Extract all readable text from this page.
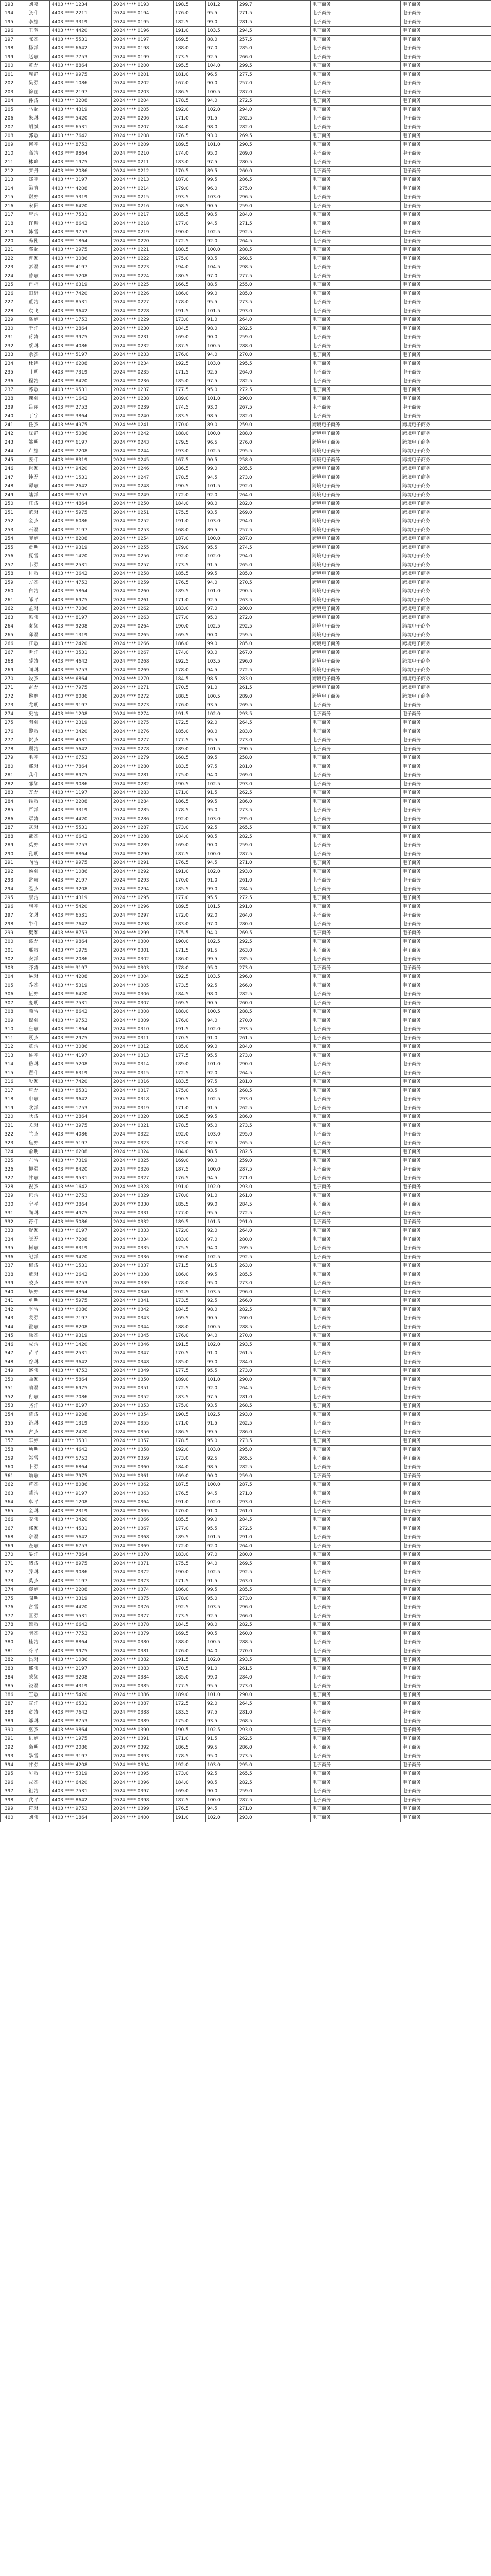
193	刘嘉	4403 **** 1234	2024 **** 0193	198.5	101.2	299.7		电子商务	电子商务
194	张伟	4403 **** 2211	2024 **** 0194	176.0	95.5	271.5		电子商务	电子商务
195	李娜	4403 **** 3319	2024 **** 0195	182.5	99.0	281.5		电子商务	电子商务
196	王芳	4403 **** 4420	2024 **** 0196	191.0	103.5	294.5		电子商务	电子商务
197	陈杰	4403 **** 5531	2024 **** 0197	169.5	88.0	257.5		电子商务	电子商务
198	杨洋	4403 **** 6642	2024 **** 0198	188.0	97.0	285.0		电子商务	电子商务
199	赵敏	4403 **** 7753	2024 **** 0199	173.5	92.5	266.0		电子商务	电子商务
200	黄磊	4403 **** 8864	2024 **** 0200	195.5	104.0	299.5		电子商务	电子商务
201	周静	4403 **** 9975	2024 **** 0201	181.0	96.5	277.5		电子商务	电子商务
202	吴强	4403 **** 1086	2024 **** 0202	167.0	90.0	257.0		电子商务	电子商务
203	徐丽	4403 **** 2197	2024 **** 0203	186.5	100.5	287.0		电子商务	电子商务
204	孙涛	4403 **** 3208	2024 **** 0204	178.5	94.0	272.5		电子商务	电子商务
205	马超	4403 **** 4319	2024 **** 0205	192.0	102.0	294.0		电子商务	电子商务
206	朱琳	4403 **** 5420	2024 **** 0206	171.0	91.5	262.5		电子商务	电子商务
207	胡斌	4403 **** 6531	2024 **** 0207	184.0	98.0	282.0		电子商务	电子商务
208	郭敏	4403 **** 7642	2024 **** 0208	176.5	93.0	269.5		电子商务	电子商务
209	何平	4403 **** 8753	2024 **** 0209	189.5	101.0	290.5		电子商务	电子商务
210	高洁	4403 **** 9864	2024 **** 0210	174.0	95.0	269.0		电子商务	电子商务
211	林峰	4403 **** 1975	2024 **** 0211	183.0	97.5	280.5		电子商务	电子商务
212	罗丹	4403 **** 2086	2024 **** 0212	170.5	89.5	260.0		电子商务	电子商务
213	郑宇	4403 **** 3197	2024 **** 0213	187.0	99.5	286.5		电子商务	电子商务
214	梁爽	4403 **** 4208	2024 **** 0214	179.0	96.0	275.0		电子商务	电子商务
215	谢婷	4403 **** 5319	2024 **** 0215	193.5	103.0	296.5		电子商务	电子商务
216	宋阳	4403 **** 6420	2024 **** 0216	168.5	90.5	259.0		电子商务	电子商务
217	唐浩	4403 **** 7531	2024 **** 0217	185.5	98.5	284.0		电子商务	电子商务
218	许晴	4403 **** 8642	2024 **** 0218	177.0	94.5	271.5		电子商务	电子商务
219	韩雪	4403 **** 9753	2024 **** 0219	190.0	102.5	292.5		电子商务	电子商务
220	冯刚	4403 **** 1864	2024 **** 0220	172.5	92.0	264.5		电子商务	电子商务
221	邓超	4403 **** 2975	2024 **** 0221	188.5	100.0	288.5		电子商务	电子商务
222	曹颖	4403 **** 3086	2024 **** 0222	175.0	93.5	268.5		电子商务	电子商务
223	彭磊	4403 **** 4197	2024 **** 0223	194.0	104.5	298.5		电子商务	电子商务
224	曾敏	4403 **** 5208	2024 **** 0224	180.5	97.0	277.5		电子商务	电子商务
225	肖楠	4403 **** 6319	2024 **** 0225	166.5	88.5	255.0		电子商务	电子商务
226	田野	4403 **** 7420	2024 **** 0226	186.0	99.0	285.0		电子商务	电子商务
227	董洁	4403 **** 8531	2024 **** 0227	178.0	95.5	273.5		电子商务	电子商务
228	袁飞	4403 **** 9642	2024 **** 0228	191.5	101.5	293.0		电子商务	电子商务
229	潘婷	4403 **** 1753	2024 **** 0229	173.0	91.0	264.0		电子商务	电子商务
230	于洋	4403 **** 2864	2024 **** 0230	184.5	98.0	282.5		电子商务	电子商务
231	蒋涛	4403 **** 3975	2024 **** 0231	169.0	90.0	259.0		电子商务	电子商务
232	蔡琳	4403 **** 4086	2024 **** 0232	187.5	100.5	288.0		电子商务	电子商务
233	余杰	4403 **** 5197	2024 **** 0233	176.0	94.0	270.0		电子商务	电子商务
234	杜鹃	4403 **** 6208	2024 **** 0234	192.5	103.0	295.5		电子商务	电子商务
235	叶明	4403 **** 7319	2024 **** 0235	171.5	92.5	264.0		电子商务	电子商务
236	程浩	4403 **** 8420	2024 **** 0236	185.0	97.5	282.5		电子商务	电子商务
237	苏敏	4403 **** 9531	2024 **** 0237	177.5	95.0	272.5		电子商务	电子商务
238	魏强	4403 **** 1642	2024 **** 0238	189.0	101.0	290.0		电子商务	电子商务
239	吕丽	4403 **** 2753	2024 **** 0239	174.5	93.0	267.5		电子商务	电子商务
240	丁宁	4403 **** 3864	2024 **** 0240	183.5	98.5	282.0		电子商务	电子商务
241	任杰	4403 **** 4975	2024 **** 0241	170.0	89.0	259.0		跨境电子商务	跨境电子商务
242	沈静	4403 **** 5086	2024 **** 0242	188.0	100.0	288.0		跨境电子商务	跨境电子商务
243	姚明	4403 **** 6197	2024 **** 0243	179.5	96.5	276.0		跨境电子商务	跨境电子商务
244	卢娜	4403 **** 7208	2024 **** 0244	193.0	102.5	295.5		跨境电子商务	跨境电子商务
245	姜伟	4403 **** 8319	2024 **** 0245	167.5	90.5	258.0		跨境电子商务	跨境电子商务
246	崔颖	4403 **** 9420	2024 **** 0246	186.5	99.0	285.5		跨境电子商务	跨境电子商务
247	钟磊	4403 **** 1531	2024 **** 0247	178.5	94.5	273.0		跨境电子商务	跨境电子商务
248	谭敏	4403 **** 2642	2024 **** 0248	190.5	101.5	292.0		跨境电子商务	跨境电子商务
249	陆洋	4403 **** 3753	2024 **** 0249	172.0	92.0	264.0		跨境电子商务	跨境电子商务
250	汪涛	4403 **** 4864	2024 **** 0250	184.0	98.0	282.0		跨境电子商务	跨境电子商务
251	范琳	4403 **** 5975	2024 **** 0251	175.5	93.5	269.0		跨境电子商务	跨境电子商务
252	金杰	4403 **** 6086	2024 **** 0252	191.0	103.0	294.0		跨境电子商务	跨境电子商务
253	石磊	4403 **** 7197	2024 **** 0253	168.0	89.5	257.5		跨境电子商务	跨境电子商务
254	廖婷	4403 **** 8208	2024 **** 0254	187.0	100.0	287.0		跨境电子商务	跨境电子商务
255	贾明	4403 **** 9319	2024 **** 0255	179.0	95.5	274.5		跨境电子商务	跨境电子商务
256	夏雪	4403 **** 1420	2024 **** 0256	192.0	102.0	294.0		跨境电子商务	跨境电子商务
257	韦强	4403 **** 2531	2024 **** 0257	173.5	91.5	265.0		跨境电子商务	跨境电子商务
258	付敏	4403 **** 3642	2024 **** 0258	185.5	99.5	285.0		跨境电子商务	跨境电子商务
259	方杰	4403 **** 4753	2024 **** 0259	176.5	94.0	270.5		跨境电子商务	跨境电子商务
260	白洁	4403 **** 5864	2024 **** 0260	189.5	101.0	290.5		跨境电子商务	跨境电子商务
261	邹平	4403 **** 6975	2024 **** 0261	171.0	92.5	263.5		跨境电子商务	跨境电子商务
262	孟琳	4403 **** 7086	2024 **** 0262	183.0	97.0	280.0		跨境电子商务	跨境电子商务
263	熊伟	4403 **** 8197	2024 **** 0263	177.0	95.0	272.0		跨境电子商务	跨境电子商务
264	秦颖	4403 **** 9208	2024 **** 0264	190.0	102.5	292.5		跨境电子商务	跨境电子商务
265	邱磊	4403 **** 1319	2024 **** 0265	169.5	90.0	259.5		跨境电子商务	跨境电子商务
266	江敏	4403 **** 2420	2024 **** 0266	186.0	99.0	285.0		跨境电子商务	跨境电子商务
267	尹洋	4403 **** 3531	2024 **** 0267	174.0	93.0	267.0		跨境电子商务	跨境电子商务
268	薛涛	4403 **** 4642	2024 **** 0268	192.5	103.5	296.0		跨境电子商务	跨境电子商务
269	闫琳	4403 **** 5753	2024 **** 0269	178.0	94.5	272.5		跨境电子商务	跨境电子商务
270	段杰	4403 **** 6864	2024 **** 0270	184.5	98.5	283.0		跨境电子商务	跨境电子商务
271	雷磊	4403 **** 7975	2024 **** 0271	170.5	91.0	261.5		跨境电子商务	跨境电子商务
272	侯婷	4403 **** 8086	2024 **** 0272	188.5	100.5	289.0		跨境电子商务	跨境电子商务
273	龙明	4403 **** 9197	2024 **** 0273	176.0	93.5	269.5		电子商务	电子商务
274	史雪	4403 **** 1208	2024 **** 0274	191.5	102.0	293.5		电子商务	电子商务
275	陶强	4403 **** 2319	2024 **** 0275	172.5	92.0	264.5		电子商务	电子商务
276	黎敏	4403 **** 3420	2024 **** 0276	185.0	98.0	283.0		电子商务	电子商务
277	贺杰	4403 **** 4531	2024 **** 0277	177.5	95.5	273.0		电子商务	电子商务
278	顾洁	4403 **** 5642	2024 **** 0278	189.0	101.5	290.5		电子商务	电子商务
279	毛平	4403 **** 6753	2024 **** 0279	168.5	89.5	258.0		电子商务	电子商务
280	郝琳	4403 **** 7864	2024 **** 0280	183.5	97.5	281.0		电子商务	电子商务
281	龚伟	4403 **** 8975	2024 **** 0281	175.0	94.0	269.0		电子商务	电子商务
282	邵颖	4403 **** 9086	2024 **** 0282	190.5	102.5	293.0		电子商务	电子商务
283	万磊	4403 **** 1197	2024 **** 0283	171.0	91.5	262.5		电子商务	电子商务
284	钱敏	4403 **** 2208	2024 **** 0284	186.5	99.5	286.0		电子商务	电子商务
285	严洋	4403 **** 3319	2024 **** 0285	178.5	95.0	273.5		电子商务	电子商务
286	覃涛	4403 **** 4420	2024 **** 0286	192.0	103.0	295.0		电子商务	电子商务
287	武琳	4403 **** 5531	2024 **** 0287	173.0	92.5	265.5		电子商务	电子商务
288	戴杰	4403 **** 6642	2024 **** 0288	184.0	98.5	282.5		电子商务	电子商务
289	莫婷	4403 **** 7753	2024 **** 0289	169.0	90.0	259.0		电子商务	电子商务
290	孔明	4403 **** 8864	2024 **** 0290	187.5	100.0	287.5		电子商务	电子商务
291	向雪	4403 **** 9975	2024 **** 0291	176.5	94.5	271.0		电子商务	电子商务
292	汤强	4403 **** 1086	2024 **** 0292	191.0	102.0	293.0		电子商务	电子商务
293	常敏	4403 **** 2197	2024 **** 0293	170.0	91.0	261.0		电子商务	电子商务
294	温杰	4403 **** 3208	2024 **** 0294	185.5	99.0	284.5		电子商务	电子商务
295	康洁	4403 **** 4319	2024 **** 0295	177.0	95.5	272.5		电子商务	电子商务
296	施平	4403 **** 5420	2024 **** 0296	189.5	101.5	291.0		电子商务	电子商务
297	文琳	4403 **** 6531	2024 **** 0297	172.0	92.0	264.0		电子商务	电子商务
298	牛伟	4403 **** 7642	2024 **** 0298	183.0	97.0	280.0		电子商务	电子商务
299	樊颖	4403 **** 8753	2024 **** 0299	175.5	94.0	269.5		电子商务	电子商务
300	葛磊	4403 **** 9864	2024 **** 0300	190.0	102.5	292.5		电子商务	电子商务
301	邢敏	4403 **** 1975	2024 **** 0301	171.5	91.5	263.0		电子商务	电子商务
302	安洋	4403 **** 2086	2024 **** 0302	186.0	99.5	285.5		电子商务	电子商务
303	齐涛	4403 **** 3197	2024 **** 0303	178.0	95.0	273.0		电子商务	电子商务
304	易琳	4403 **** 4208	2024 **** 0304	192.5	103.5	296.0		电子商务	电子商务
305	乔杰	4403 **** 5319	2024 **** 0305	173.5	92.5	266.0		电子商务	电子商务
306	伍婷	4403 **** 6420	2024 **** 0306	184.5	98.0	282.5		电子商务	电子商务
307	庞明	4403 **** 7531	2024 **** 0307	169.5	90.5	260.0		电子商务	电子商务
308	颜雪	4403 **** 8642	2024 **** 0308	188.0	100.5	288.5		电子商务	电子商务
309	倪强	4403 **** 9753	2024 **** 0309	176.0	94.0	270.0		电子商务	电子商务
310	庄敏	4403 **** 1864	2024 **** 0310	191.5	102.0	293.5		电子商务	电子商务
311	聂杰	4403 **** 2975	2024 **** 0311	170.5	91.0	261.5		电子商务	电子商务
312	章洁	4403 **** 3086	2024 **** 0312	185.0	99.0	284.0		电子商务	电子商务
313	鲁平	4403 **** 4197	2024 **** 0313	177.5	95.5	273.0		电子商务	电子商务
314	岳琳	4403 **** 5208	2024 **** 0314	189.0	101.0	290.0		电子商务	电子商务
315	翟伟	4403 **** 6319	2024 **** 0315	172.5	92.0	264.5		电子商务	电子商务
316	殷颖	4403 **** 7420	2024 **** 0316	183.5	97.5	281.0		电子商务	电子商务
317	詹磊	4403 **** 8531	2024 **** 0317	175.0	93.5	268.5		电子商务	电子商务
318	申敏	4403 **** 9642	2024 **** 0318	190.5	102.5	293.0		电子商务	电子商务
319	欧洋	4403 **** 1753	2024 **** 0319	171.0	91.5	262.5		电子商务	电子商务
320	耿涛	4403 **** 2864	2024 **** 0320	186.5	99.5	286.0		电子商务	电子商务
321	关琳	4403 **** 3975	2024 **** 0321	178.5	95.0	273.5		电子商务	电子商务
322	兰杰	4403 **** 4086	2024 **** 0322	192.0	103.0	295.0		电子商务	电子商务
323	焦婷	4403 **** 5197	2024 **** 0323	173.0	92.5	265.5		电子商务	电子商务
324	俞明	4403 **** 6208	2024 **** 0324	184.0	98.5	282.5		电子商务	电子商务
325	左雪	4403 **** 7319	2024 **** 0325	169.0	90.0	259.0		电子商务	电子商务
326	柳强	4403 **** 8420	2024 **** 0326	187.5	100.0	287.5		电子商务	电子商务
327	甘敏	4403 **** 9531	2024 **** 0327	176.5	94.5	271.0		电子商务	电子商务
328	祝杰	4403 **** 1642	2024 **** 0328	191.0	102.0	293.0		电子商务	电子商务
329	包洁	4403 **** 2753	2024 **** 0329	170.0	91.0	261.0		电子商务	电子商务
330	宁平	4403 **** 3864	2024 **** 0330	185.5	99.0	284.5		电子商务	电子商务
331	尚琳	4403 **** 4975	2024 **** 0331	177.0	95.5	272.5		电子商务	电子商务
332	符伟	4403 **** 5086	2024 **** 0332	189.5	101.5	291.0		电子商务	电子商务
333	舒颖	4403 **** 6197	2024 **** 0333	172.0	92.0	264.0		电子商务	电子商务
334	阮磊	4403 **** 7208	2024 **** 0334	183.0	97.0	280.0		电子商务	电子商务
335	柯敏	4403 **** 8319	2024 **** 0335	175.5	94.0	269.5		电子商务	电子商务
336	纪洋	4403 **** 9420	2024 **** 0336	190.0	102.5	292.5		电子商务	电子商务
337	梅涛	4403 **** 1531	2024 **** 0337	171.5	91.5	263.0		电子商务	电子商务
338	童琳	4403 **** 2642	2024 **** 0338	186.0	99.5	285.5		电子商务	电子商务
339	凌杰	4403 **** 3753	2024 **** 0339	178.0	95.0	273.0		电子商务	电子商务
340	毕婷	4403 **** 4864	2024 **** 0340	192.5	103.5	296.0		电子商务	电子商务
341	单明	4403 **** 5975	2024 **** 0341	173.5	92.5	266.0		电子商务	电子商务
342	季雪	4403 **** 6086	2024 **** 0342	184.5	98.0	282.5		电子商务	电子商务
343	裴强	4403 **** 7197	2024 **** 0343	169.5	90.5	260.0		电子商务	电子商务
344	霍敏	4403 **** 8208	2024 **** 0344	188.0	100.5	288.5		电子商务	电子商务
345	涂杰	4403 **** 9319	2024 **** 0345	176.0	94.0	270.0		电子商务	电子商务
346	成洁	4403 **** 1420	2024 **** 0346	191.5	102.0	293.5		电子商务	电子商务
347	苗平	4403 **** 2531	2024 **** 0347	170.5	91.0	261.5		电子商务	电子商务
348	谷琳	4403 **** 3642	2024 **** 0348	185.0	99.0	284.0		电子商务	电子商务
349	盛伟	4403 **** 4753	2024 **** 0349	177.5	95.5	273.0		电子商务	电子商务
350	曲颖	4403 **** 5864	2024 **** 0350	189.0	101.0	290.0		电子商务	电子商务
351	翁磊	4403 **** 6975	2024 **** 0351	172.5	92.0	264.5		电子商务	电子商务
352	冉敏	4403 **** 7086	2024 **** 0352	183.5	97.5	281.0		电子商务	电子商务
353	骆洋	4403 **** 8197	2024 **** 0353	175.0	93.5	268.5		电子商务	电子商务
354	蓝涛	4403 **** 9208	2024 **** 0354	190.5	102.5	293.0		电子商务	电子商务
355	路琳	4403 **** 1319	2024 **** 0355	171.0	91.5	262.5		电子商务	电子商务
356	古杰	4403 **** 2420	2024 **** 0356	186.5	99.5	286.0		电子商务	电子商务
357	车婷	4403 **** 3531	2024 **** 0357	178.5	95.0	273.5		电子商务	电子商务
358	项明	4403 **** 4642	2024 **** 0358	192.0	103.0	295.0		电子商务	电子商务
359	祁雪	4403 **** 5753	2024 **** 0359	173.0	92.5	265.5		电子商务	电子商务
360	卜强	4403 **** 6864	2024 **** 0360	184.0	98.5	282.5		电子商务	电子商务
361	喻敏	4403 **** 7975	2024 **** 0361	169.0	90.0	259.0		电子商务	电子商务
362	芦杰	4403 **** 8086	2024 **** 0362	187.5	100.0	287.5		电子商务	电子商务
363	蒲洁	4403 **** 9197	2024 **** 0363	176.5	94.5	271.0		电子商务	电子商务
364	卓平	4403 **** 1208	2024 **** 0364	191.0	102.0	293.0		电子商务	电子商务
365	全琳	4403 **** 2319	2024 **** 0365	170.0	91.0	261.0		电子商务	电子商务
366	麦伟	4403 **** 3420	2024 **** 0366	185.5	99.0	284.5		电子商务	电子商务
367	鄢颖	4403 **** 4531	2024 **** 0367	177.0	95.5	272.5		电子商务	电子商务
368	佘磊	4403 **** 5642	2024 **** 0368	189.5	101.5	291.0		电子商务	电子商务
369	查敏	4403 **** 6753	2024 **** 0369	172.0	92.0	264.0		电子商务	电子商务
370	晏洋	4403 **** 7864	2024 **** 0370	183.0	97.0	280.0		电子商务	电子商务
371	储涛	4403 **** 8975	2024 **** 0371	175.5	94.0	269.5		电子商务	电子商务
372	滕琳	4403 **** 9086	2024 **** 0372	190.0	102.5	292.5		电子商务	电子商务
373	奚杰	4403 **** 1197	2024 **** 0373	171.5	91.5	263.0		电子商务	电子商务
374	缪婷	4403 **** 2208	2024 **** 0374	186.0	99.5	285.5		电子商务	电子商务
375	阎明	4403 **** 3319	2024 **** 0375	178.0	95.0	273.0		电子商务	电子商务
376	宫雪	4403 **** 4420	2024 **** 0376	192.5	103.5	296.0		电子商务	电子商务
377	匡强	4403 **** 5531	2024 **** 0377	173.5	92.5	266.0		电子商务	电子商务
378	甄敏	4403 **** 6642	2024 **** 0378	184.5	98.0	282.5		电子商务	电子商务
379	隋杰	4403 **** 7753	2024 **** 0379	169.5	90.5	260.0		电子商务	电子商务
380	桂洁	4403 **** 8864	2024 **** 0380	188.0	100.5	288.5		电子商务	电子商务
381	冷平	4403 **** 9975	2024 **** 0381	176.0	94.0	270.0		电子商务	电子商务
382	昌琳	4403 **** 1086	2024 **** 0382	191.5	102.0	293.5		电子商务	电子商务
383	郁伟	4403 **** 2197	2024 **** 0383	170.5	91.0	261.5		电子商务	电子商务
384	荣颖	4403 **** 3208	2024 **** 0384	185.0	99.0	284.0		电子商务	电子商务
385	饶磊	4403 **** 4319	2024 **** 0385	177.5	95.5	273.0		电子商务	电子商务
386	竺敏	4403 **** 5420	2024 **** 0386	189.0	101.0	290.0		电子商务	电子商务
387	宣洋	4403 **** 6531	2024 **** 0387	172.5	92.0	264.5		电子商务	电子商务
388	贲涛	4403 **** 7642	2024 **** 0388	183.5	97.5	281.0		电子商务	电子商务
389	邬琳	4403 **** 8753	2024 **** 0389	175.0	93.5	268.5		电子商务	电子商务
390	巫杰	4403 **** 9864	2024 **** 0390	190.5	102.5	293.0		电子商务	电子商务
391	仇婷	4403 **** 1975	2024 **** 0391	171.0	91.5	262.5		电子商务	电子商务
392	栾明	4403 **** 2086	2024 **** 0392	186.5	99.5	286.0		电子商务	电子商务
393	暴雪	4403 **** 3197	2024 **** 0393	178.5	95.0	273.5		电子商务	电子商务
394	甘强	4403 **** 4208	2024 **** 0394	192.0	103.0	295.0		电子商务	电子商务
395	厉敏	4403 **** 5319	2024 **** 0395	173.0	92.5	265.5		电子商务	电子商务
396	戎杰	4403 **** 6420	2024 **** 0396	184.0	98.5	282.5		电子商务	电子商务
397	祖洁	4403 **** 7531	2024 **** 0397	169.0	90.0	259.0		电子商务	电子商务
398	武平	4403 **** 8642	2024 **** 0398	187.5	100.0	287.5		电子商务	电子商务
399	符琳	4403 **** 9753	2024 **** 0399	176.5	94.5	271.0		电子商务	电子商务
400	刘伟	4403 **** 1864	2024 **** 0400	191.0	102.0	293.0		电子商务	电子商务
